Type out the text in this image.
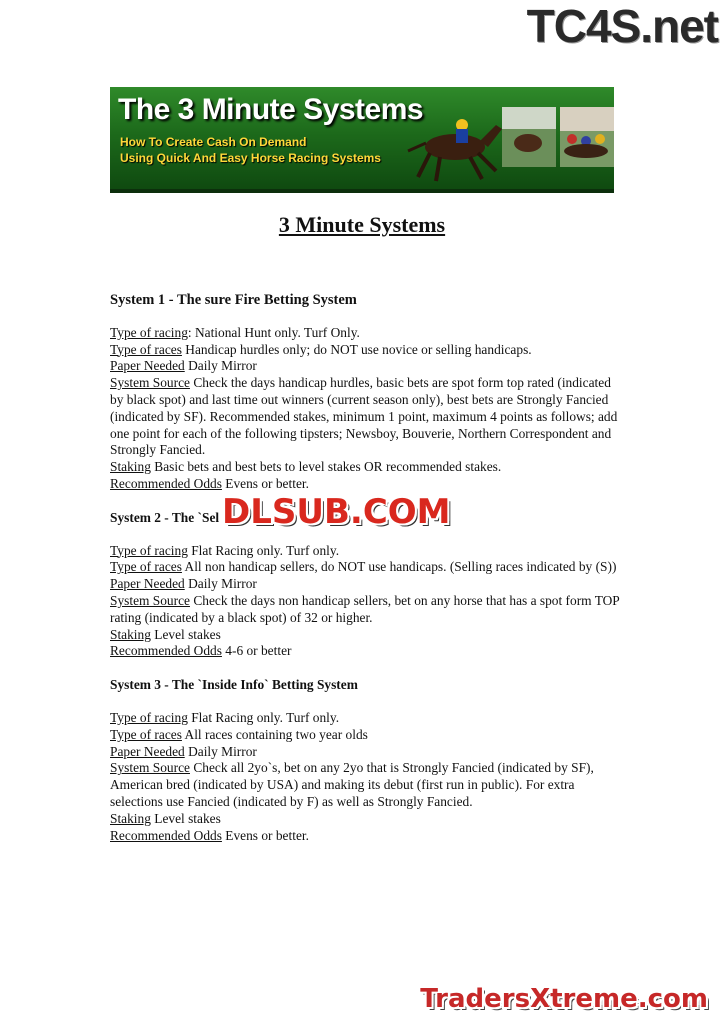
TC4S.net
The 3 Minute Systems
How To Create Cash On Demand
Using Quick And Easy Horse Racing Systems
3 Minute Systems

System 1 - The sure Fire Betting System

Type of racing: National Hunt only. Turf Only.

Type of races Handicap hurdles only; do NOT use novice or selling handicaps.

Paper Needed Daily Mirror

System Source Check the days handicap hurdles, basic bets are spot form top rated (indicated by black spot) and last time out winners (current season only), best bets are Strongly Fancied (indicated by SF). Recommended stakes, minimum 1 point, maximum 4 points as follows; add one point for each of the following tipsters; Newsboy, Bouverie, Northern Correspondent and Strongly Fancied.

Staking Basic bets and best bets to level stakes OR recommended stakes.

Recommended Odds Evens or better.

System 2 - The `Sel

Type of racing Flat Racing only. Turf only.

Type of races All non handicap sellers, do NOT use handicaps. (Selling races indicated by (S))

Paper Needed Daily Mirror

System Source Check the days non handicap sellers, bet on any horse that has a spot form TOP rating (indicated by a black spot) of 32 or higher.

Staking Level stakes

Recommended Odds 4-6 or better

System 3 - The `Inside Info` Betting System

Type of racing Flat Racing only. Turf only.

Type of races All races containing two year olds

Paper Needed Daily Mirror

System Source Check all 2yo`s, bet on any 2yo that is Strongly Fancied (indicated by SF), American bred (indicated by USA) and making its debut (first run in public). For extra selections use Fancied (indicated by F) as well as Strongly Fancied.

Staking Level stakes

Recommended Odds Evens or better.

DLSUB.COM
TradersXtreme.com
